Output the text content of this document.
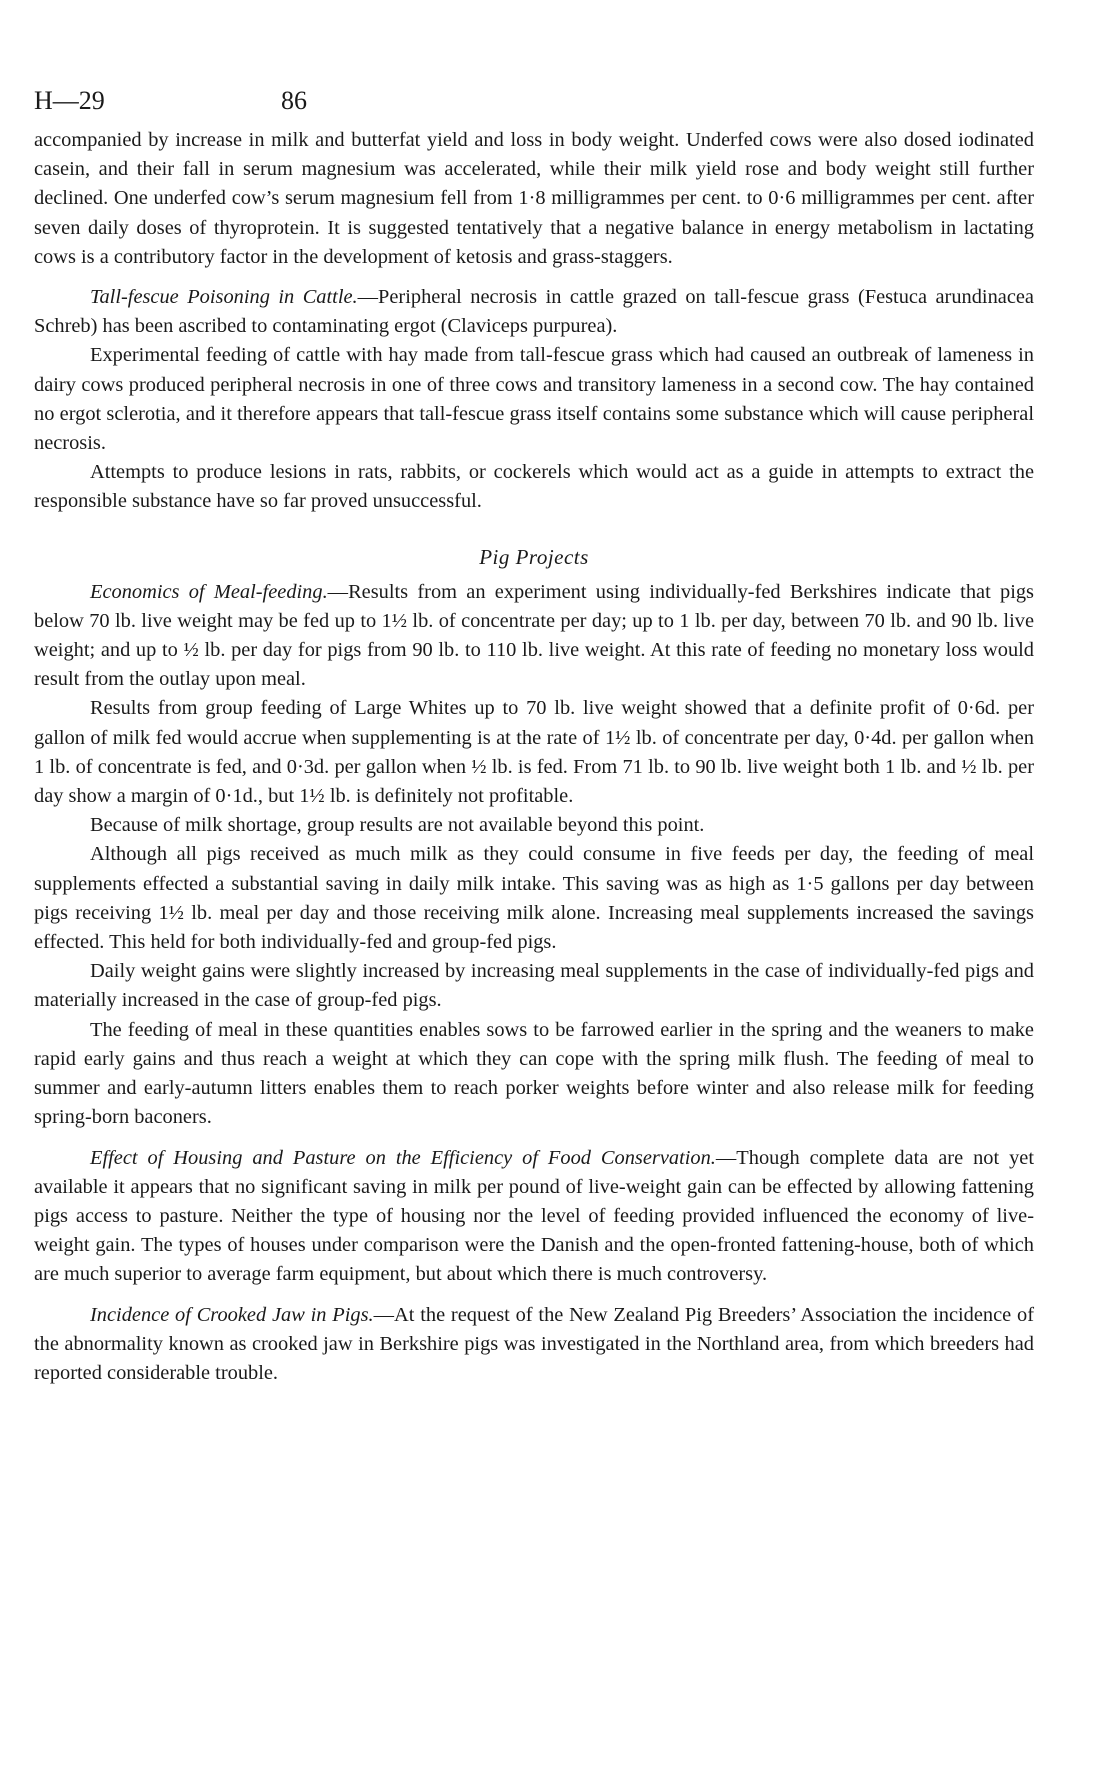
H—29	86

accompanied by increase in milk and butterfat yield and loss in body weight. Underfed cows were also dosed iodinated casein, and their fall in serum magnesium was accelerated, while their milk yield rose and body weight still further declined. One underfed cow’s serum magnesium fell from 1·8 milligrammes per cent. to 0·6 milligrammes per cent. after seven daily doses of thyroprotein. It is suggested tentatively that a negative balance in energy metabolism in lactating cows is a contributory factor in the development of ketosis and grass-staggers.

Tall-fescue Poisoning in Cattle.—Peripheral necrosis in cattle grazed on tall-fescue grass (Festuca arundinacea Schreb) has been ascribed to contaminating ergot (Claviceps purpurea).

Experimental feeding of cattle with hay made from tall-fescue grass which had caused an outbreak of lameness in dairy cows produced peripheral necrosis in one of three cows and transitory lameness in a second cow. The hay contained no ergot sclerotia, and it therefore appears that tall-fescue grass itself contains some substance which will cause peripheral necrosis.

Attempts to produce lesions in rats, rabbits, or cockerels which would act as a guide in attempts to extract the responsible substance have so far proved unsuccessful.

Pig Projects

Economics of Meal-feeding.—Results from an experiment using individually-fed Berkshires indicate that pigs below 70 lb. live weight may be fed up to 1½ lb. of concentrate per day; up to 1 lb. per day, between 70 lb. and 90 lb. live weight; and up to ½ lb. per day for pigs from 90 lb. to 110 lb. live weight. At this rate of feeding no monetary loss would result from the outlay upon meal.

Results from group feeding of Large Whites up to 70 lb. live weight showed that a definite profit of 0·6d. per gallon of milk fed would accrue when supplementing is at the rate of 1½ lb. of concentrate per day, 0·4d. per gallon when 1 lb. of concentrate is fed, and 0·3d. per gallon when ½ lb. is fed. From 71 lb. to 90 lb. live weight both 1 lb. and ½ lb. per day show a margin of 0·1d., but 1½ lb. is definitely not profitable.

Because of milk shortage, group results are not available beyond this point.

Although all pigs received as much milk as they could consume in five feeds per day, the feeding of meal supplements effected a substantial saving in daily milk intake. This saving was as high as 1·5 gallons per day between pigs receiving 1½ lb. meal per day and those receiving milk alone. Increasing meal supplements increased the savings effected. This held for both individually-fed and group-fed pigs.

Daily weight gains were slightly increased by increasing meal supplements in the case of individually-fed pigs and materially increased in the case of group-fed pigs.

The feeding of meal in these quantities enables sows to be farrowed earlier in the spring and the weaners to make rapid early gains and thus reach a weight at which they can cope with the spring milk flush. The feeding of meal to summer and early-autumn litters enables them to reach porker weights before winter and also release milk for feeding spring-born baconers.

Effect of Housing and Pasture on the Efficiency of Food Conservation.—Though complete data are not yet available it appears that no significant saving in milk per pound of live-weight gain can be effected by allowing fattening pigs access to pasture. Neither the type of housing nor the level of feeding provided influenced the economy of live-weight gain. The types of houses under comparison were the Danish and the open-fronted fattening-house, both of which are much superior to average farm equipment, but about which there is much controversy.

Incidence of Crooked Jaw in Pigs.—At the request of the New Zealand Pig Breeders’ Association the incidence of the abnormality known as crooked jaw in Berkshire pigs was investigated in the Northland area, from which breeders had reported considerable trouble.
